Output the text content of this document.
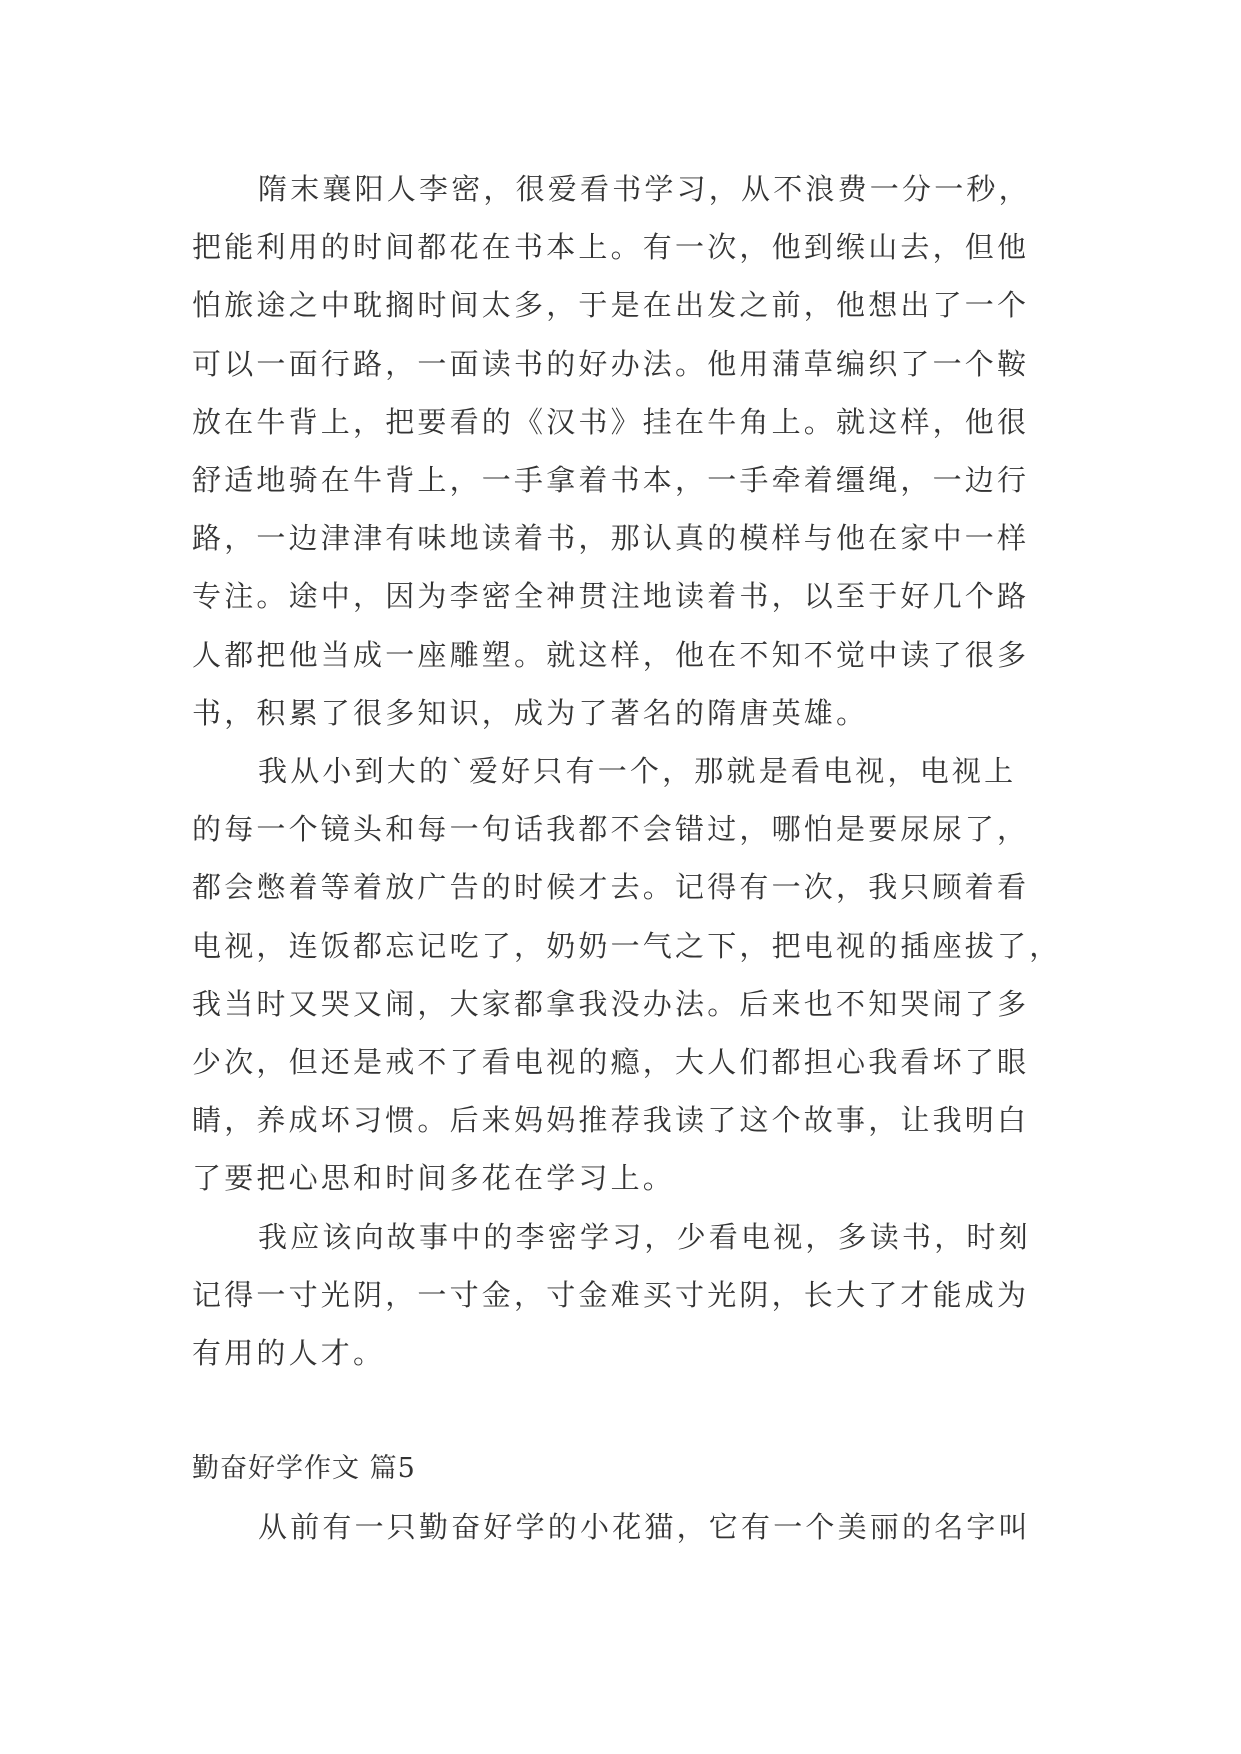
隋末襄阳人李密，很爱看书学习，从不浪费一分一秒，
把能利用的时间都花在书本上。有一次，他到缑山去，但他
怕旅途之中耽搁时间太多，于是在出发之前，他想出了一个
可以一面行路，一面读书的好办法。他用蒲草编织了一个鞍
放在牛背上，把要看的《汉书》挂在牛角上。就这样，他很
舒适地骑在牛背上，一手拿着书本，一手牵着缰绳，一边行
路，一边津津有味地读着书，那认真的模样与他在家中一样
专注。途中，因为李密全神贯注地读着书，以至于好几个路
人都把他当成一座雕塑。就这样，他在不知不觉中读了很多
书，积累了很多知识，成为了著名的隋唐英雄。

我从小到大的`爱好只有一个，那就是看电视，电视上
的每一个镜头和每一句话我都不会错过，哪怕是要尿尿了，
都会憋着等着放广告的时候才去。记得有一次，我只顾着看
电视，连饭都忘记吃了，奶奶一气之下，把电视的插座拔了，
我当时又哭又闹，大家都拿我没办法。后来也不知哭闹了多
少次，但还是戒不了看电视的瘾，大人们都担心我看坏了眼
睛，养成坏习惯。后来妈妈推荐我读了这个故事，让我明白
了要把心思和时间多花在学习上。

我应该向故事中的李密学习，少看电视，多读书，时刻
记得一寸光阴，一寸金，寸金难买寸光阴，长大了才能成为
有用的人才。

勤奋好学作文 篇5

从前有一只勤奋好学的小花猫，它有一个美丽的名字叫
